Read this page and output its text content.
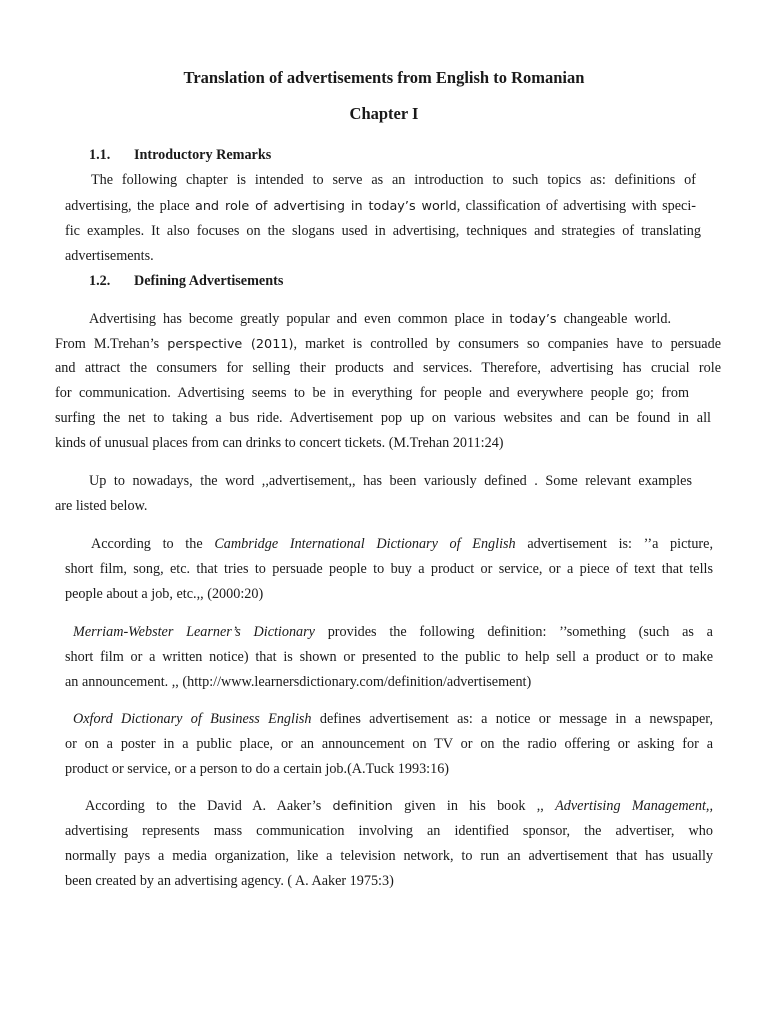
Translation of advertisements from English to Romanian
Chapter I
1.1. Introductory Remarks
The following chapter is intended to serve as an introduction to such topics as: definitions of
advertising, the place and role of advertising in today’s world, classification of advertising with speci-
fic examples. It also focuses on the slogans used in advertising, techniques and strategies of translating
advertisements.
1.2. Defining Advertisements
Advertising has become greatly popular and even common place in today’s changeable world.
From M.Trehan’s perspective (2011), market is controlled by consumers so companies have to persuade
and attract the consumers for selling their products and services. Therefore, advertising has crucial role
for communication. Advertising seems to be in everything for people and everywhere people go; from
surfing the net to taking a bus ride. Advertisement pop up on various websites and can be found in all
kinds of unusual places from can drinks to concert tickets. (M.Trehan 2011:24)
Up to nowadays, the word ,,advertisement,, has been variously defined . Some relevant examples
are listed below.
According to the Cambridge International Dictionary of English advertisement is: ’’a picture,
short film, song, etc. that tries to persuade people to buy a product or service, or a piece of text that tells
people about a job, etc.,, (2000:20)
Merriam-Webster Learner’s Dictionary provides the following definition: ’’something (such as a
short film or a written notice) that is shown or presented to the public to help sell a product or to make
an announcement. ,, (http://www.learnersdictionary.com/definition/advertisement)
Oxford Dictionary of Business English defines advertisement as: a notice or message in a newspaper,
or on a poster in a public place, or an announcement on TV or on the radio offering or asking for a
product or service, or a person to do a certain job.(A.Tuck 1993:16)
According to the David A. Aaker’s definition given in his book ,, Advertising Management,,
advertising represents mass communication involving an identified sponsor, the advertiser, who
normally pays a media organization, like a television network, to run an advertisement that has usually
been created by an advertising agency. ( A. Aaker 1975:3)
